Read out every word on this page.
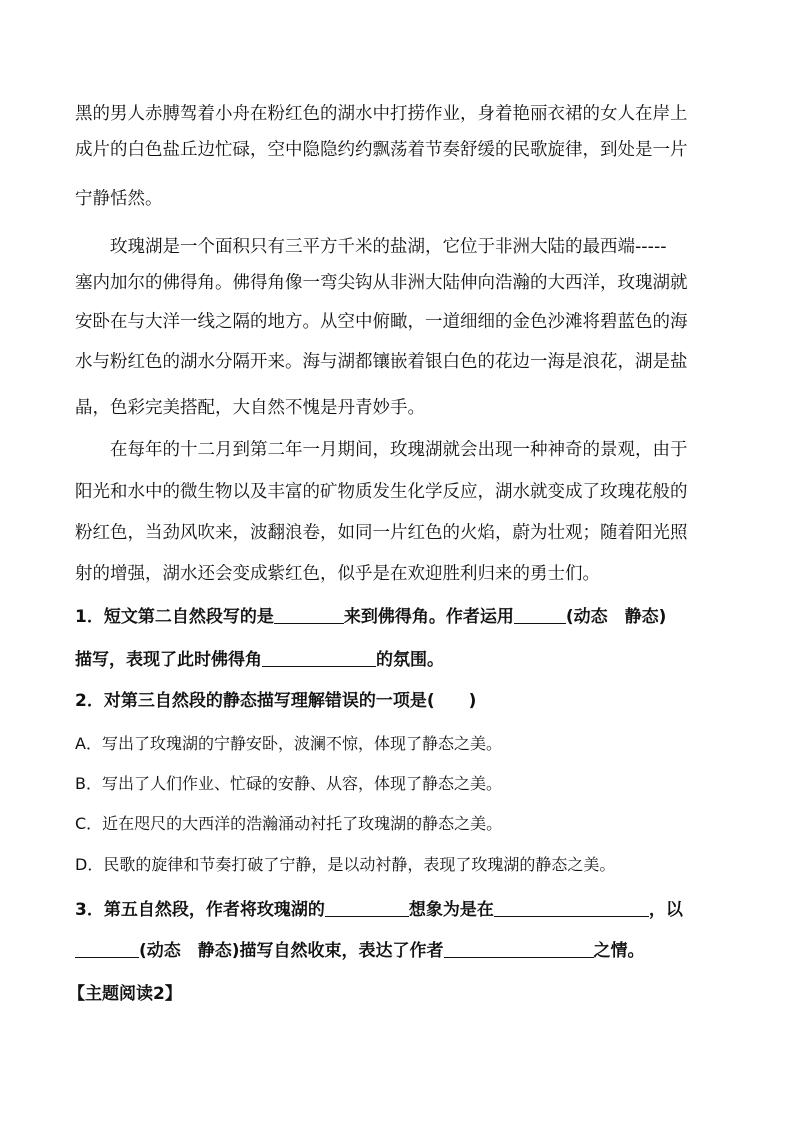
黑的男人赤膊驾着小舟在粉红色的湖水中打捞作业，身着艳丽衣裙的女人在岸上
成片的白色盐丘边忙碌，空中隐隐约约飘荡着节奏舒缓的民歌旋律，到处是一片
宁静恬然。
玫瑰湖是一个面积只有三平方千米的盐湖，它位于非洲大陆的最西端-----
塞内加尔的佛得角。佛得角像一弯尖钩从非洲大陆伸向浩瀚的大西洋，玫瑰湖就
安卧在与大洋一线之隔的地方。从空中俯瞰，一道细细的金色沙滩将碧蓝色的海
水与粉红色的湖水分隔开来。海与湖都镶嵌着银白色的花边一海是浪花，湖是盐
晶，色彩完美搭配，大自然不愧是丹青妙手。
在每年的十二月到第二年一月期间，玫瑰湖就会出现一种神奇的景观，由于
阳光和水中的微生物以及丰富的矿物质发生化学反应，湖水就变成了玫瑰花般的
粉红色，当劲风吹来，波翻浪卷，如同一片红色的火焰，蔚为壮观；随着阳光照
射的增强，湖水还会变成紫红色，似乎是在欢迎胜利归来的勇士们。
1．短文第二自然段写的是	来到佛得角。作者运用	(动态　静态)
描写，表现了此时佛得角	的氛围。
2．对第三自然段的静态描写理解错误的一项是(　　)
A．写出了玫瑰湖的宁静安卧，波澜不惊，体现了静态之美。
B．写出了人们作业、忙碌的安静、从容，体现了静态之美。
C．近在咫尺的大西洋的浩瀚涌动衬托了玫瑰湖的静态之美。
D．民歌的旋律和节奏打破了宁静，是以动衬静，表现了玫瑰湖的静态之美。
3．第五自然段，作者将玫瑰湖的	想象为是在	，以
(动态　静态)描写自然收束，表达了作者	之情。
【主题阅读2】
